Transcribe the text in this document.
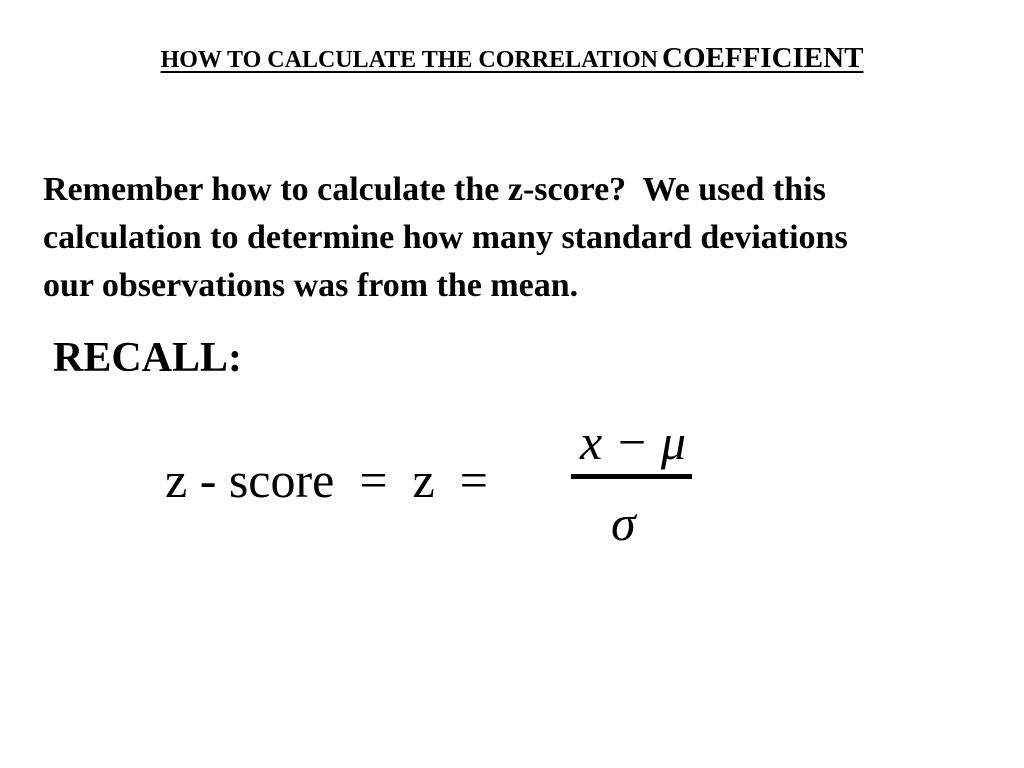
HOW TO CALCULATE THE CORRELATION COEFFICIENT
Remember how to calculate the z-score?  We used this
calculation to determine how many standard deviations
our observations was from the mean.
RECALL:
z - score  =  z  =
x − μ
σ
